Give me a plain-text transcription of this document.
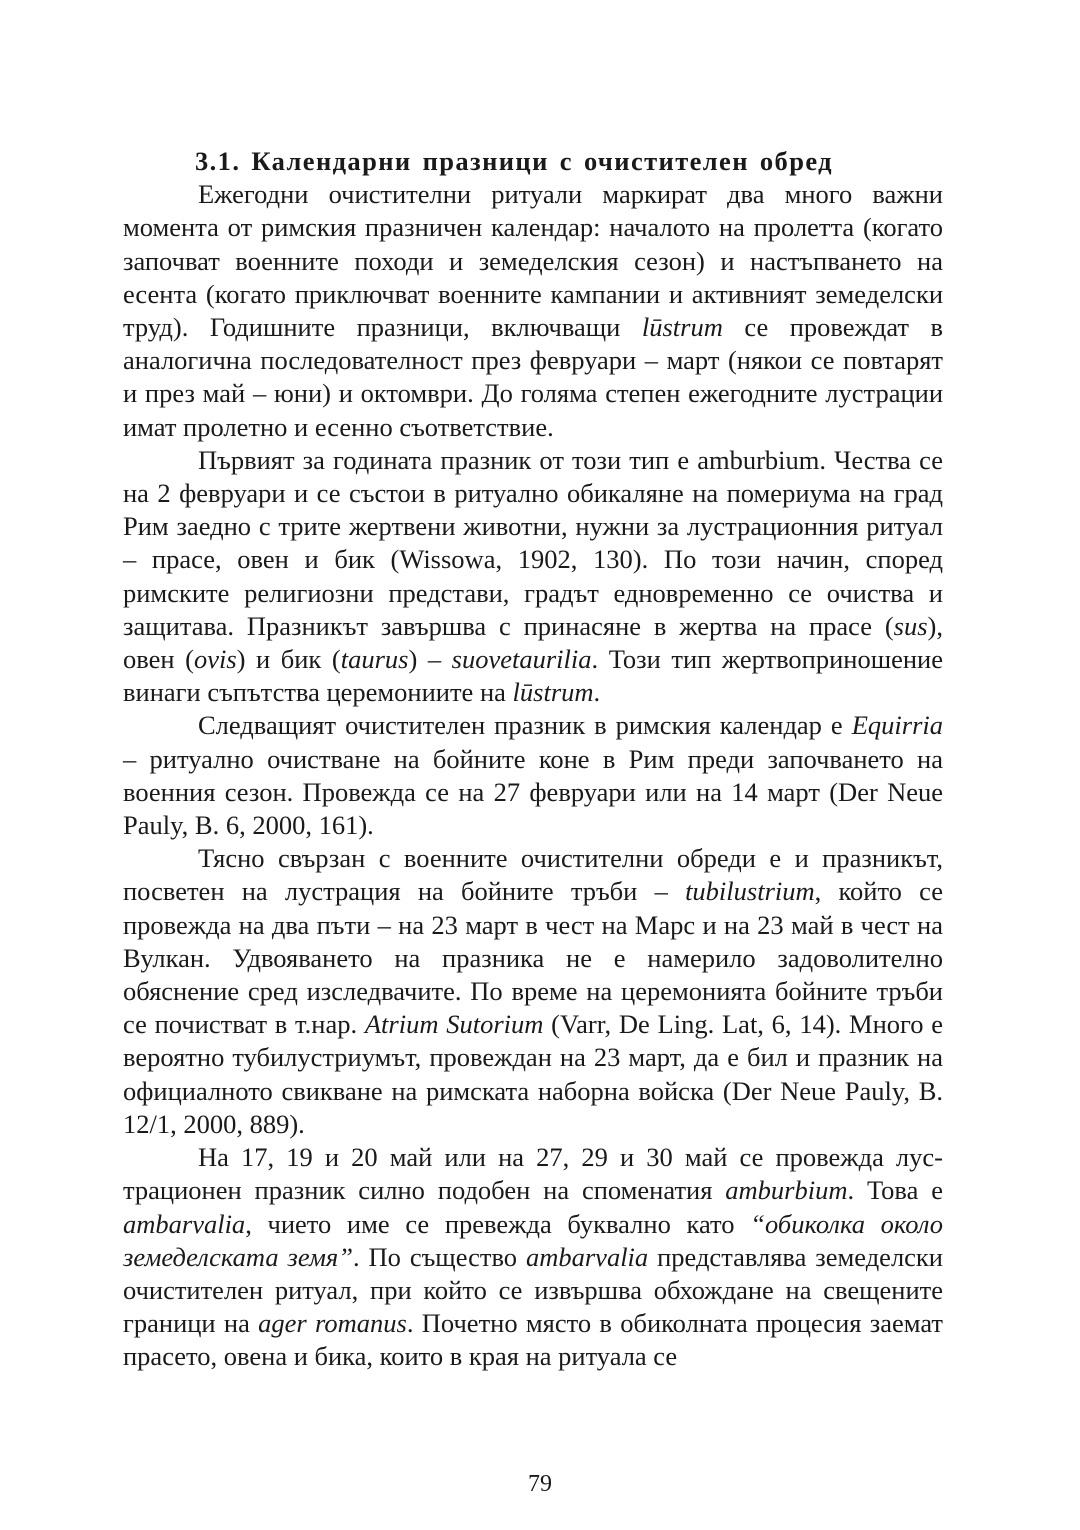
3.1. Календарни празници с очистителен обред

Ежегодни очистителни ритуали маркират два много важни момента от римския празничен календар: началото на пролетта (когато започват военните походи и земеделския сезон) и настъпването на есента (когато приключват военните кампании и активният земеделски труд). Годишните празници, включващи lūstrum се провеждат в аналогична последователност през февруари – март (някои се повтарят и през май – юни) и октомври. До голяма степен ежегодните лустрации имат пролетно и есенно съответствие.

Първият за годината празник от този тип е amburbium. Чества се на 2 февруари и се състои в ритуално обикаляне на помериума на град Рим заедно с трите жертвени животни, нужни за лустрационния ритуал – прасе, овен и бик (Wissowa, 1902, 130). По този начин, според римските религиозни представи, градът едновременно се очиства и защитава. Празникът завършва с принасяне в жертва на прасе (sus), овен (ovis) и бик (taurus) – suovetaurilia. Този тип жертвоприношение винаги съпътства церемониите на lūstrum.

Следващият очистителен празник в римския календар е Equirria – ритуално очистване на бойните коне в Рим преди започването на военния сезон. Провежда се на 27 февруари или на 14 март (Der Neue Pauly, B. 6, 2000, 161).

Тясно свързан с военните очистителни обреди е и празникът, посветен на лустрация на бойните тръби – tubilustrium, който се провежда на два пъти – на 23 март в чест на Марс и на 23 май в чест на Вулкан. Удвояването на празника не е намерило задоволително обяснение сред изследвачите. По време на церемонията бойните тръби се почистват в т.нар. Atrium Sutorium (Varr, De Ling. Lat, 6, 14). Много е вероятно тубилустриумът, провеждан на 23 март, да е бил и празник на официалното свикване на римската наборна войска (Der Neue Pauly, B. 12/1, 2000, 889).

На 17, 19 и 20 май или на 27, 29 и 30 май се провежда лустрационен празник силно подобен на споменатия amburbium. Това е ambarvalia, чието име се превежда буквално като “обиколка около земеделската земя”. По същество ambarvalia представлява земеделски очистителен ритуал, при който се извършва обхождане на свещените граници на ager romanus. Почетно място в обиколната процесия заемат прасето, овена и бика, които в края на ритуала се

79
